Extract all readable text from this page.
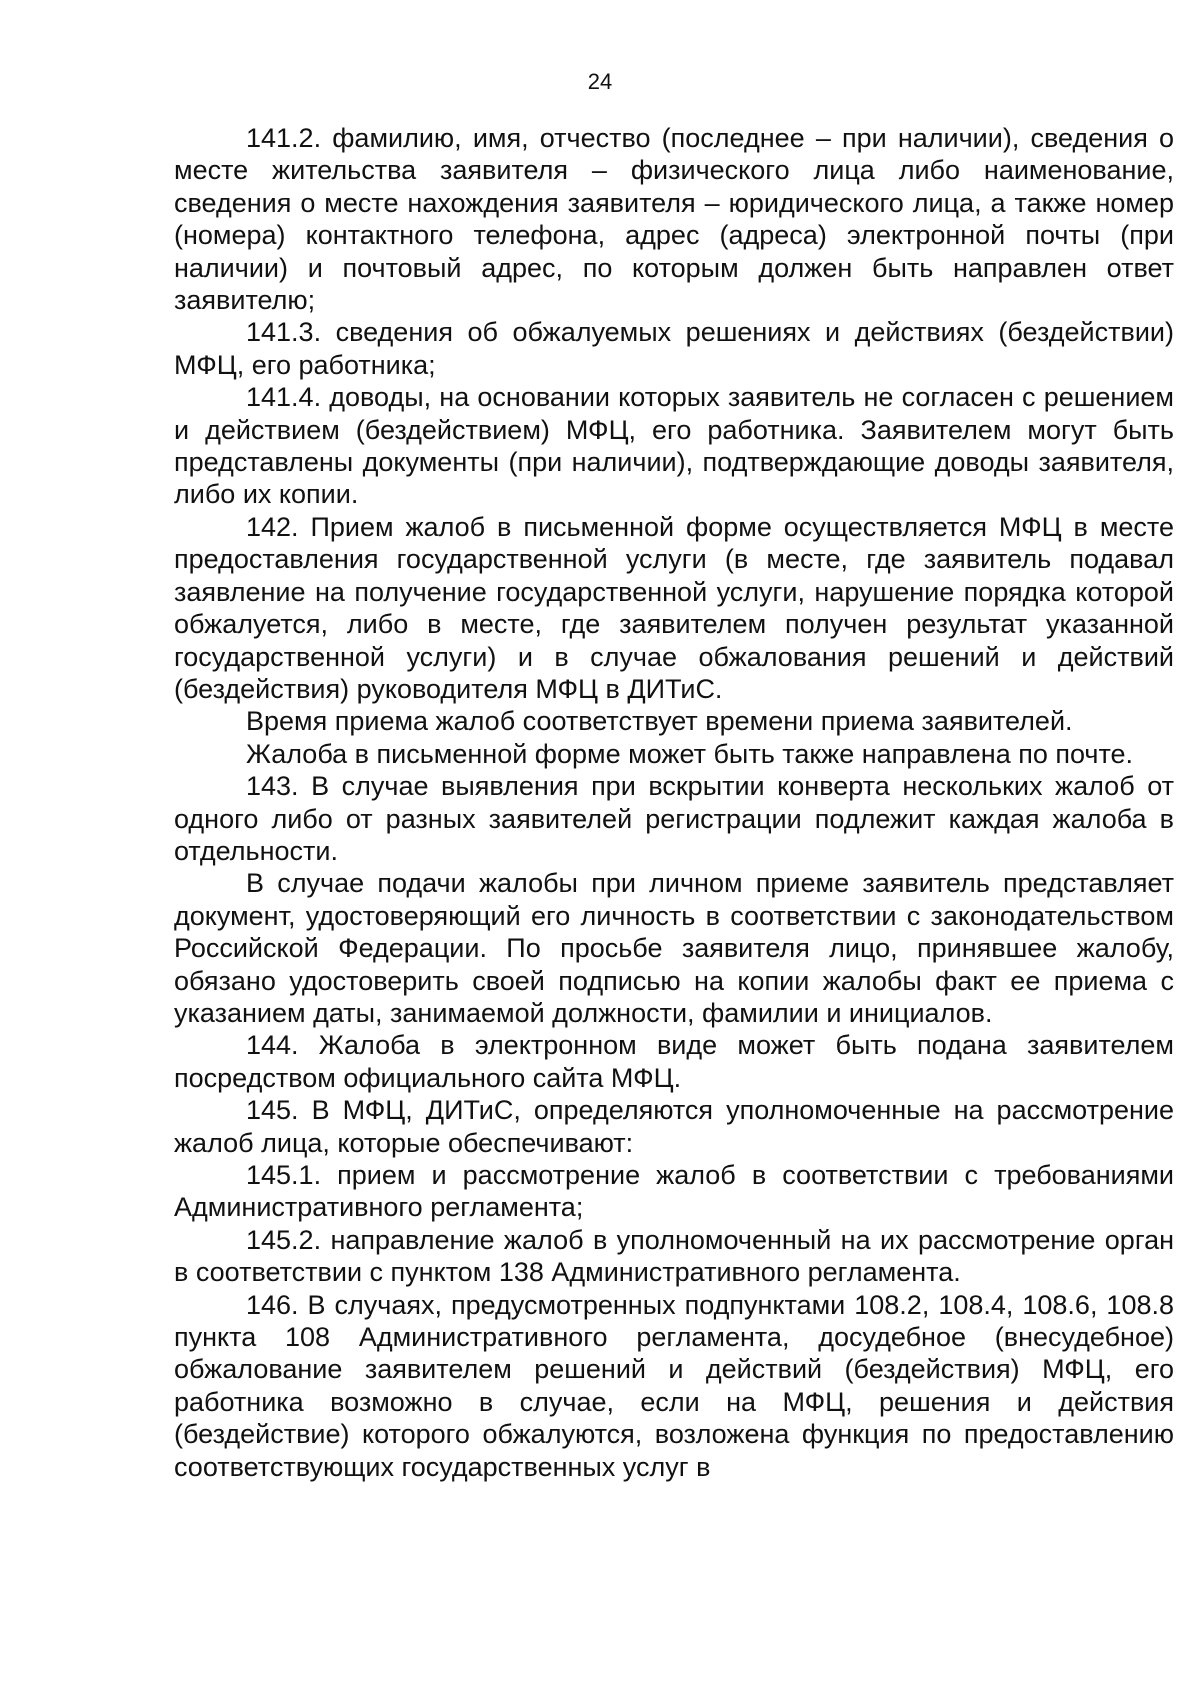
24

141.2. фамилию, имя, отчество (последнее – при наличии), сведения о месте жительства заявителя – физического лица либо наименование, сведения о месте нахождения заявителя – юридического лица, а также номер (номера) контактного телефона, адрес (адреса) электронной почты (при наличии) и почтовый адрес, по которым должен быть направлен ответ заявителю;

141.3. сведения об обжалуемых решениях и действиях (бездействии) МФЦ, его работника;

141.4. доводы, на основании которых заявитель не согласен с решением и действием (бездействием) МФЦ, его работника. Заявителем могут быть представлены документы (при наличии), подтверждающие доводы заявителя, либо их копии.

142. Прием жалоб в письменной форме осуществляется МФЦ в месте предоставления государственной услуги (в месте, где заявитель подавал заявление на получение государственной услуги, нарушение порядка которой обжалуется, либо в месте, где заявителем получен результат указанной государственной услуги) и в случае обжалования решений и действий (бездействия) руководителя МФЦ в ДИТиС.

Время приема жалоб соответствует времени приема заявителей.

Жалоба в письменной форме может быть также направлена по почте.

143. В случае выявления при вскрытии конверта нескольких жалоб от одного либо от разных заявителей регистрации подлежит каждая жалоба в отдельности.

В случае подачи жалобы при личном приеме заявитель представляет документ, удостоверяющий его личность в соответствии с законодательством Российской Федерации. По просьбе заявителя лицо, принявшее жалобу, обязано удостоверить своей подписью на копии жалобы факт ее приема с указанием даты, занимаемой должности, фамилии и инициалов.

144. Жалоба в электронном виде может быть подана заявителем посредством официального сайта МФЦ.

145. В МФЦ, ДИТиС, определяются уполномоченные на рассмотрение жалоб лица, которые обеспечивают:

145.1. прием и рассмотрение жалоб в соответствии с требованиями Административного регламента;

145.2. направление жалоб в уполномоченный на их рассмотрение орган в соответствии с пунктом 138 Административного регламента.

146. В случаях, предусмотренных подпунктами 108.2, 108.4, 108.6, 108.8 пункта 108 Административного регламента, досудебное (внесудебное) обжалование заявителем решений и действий (бездействия) МФЦ, его работника возможно в случае, если на МФЦ, решения и действия (бездействие) которого обжалуются, возложена функция по предоставлению соответствующих государственных услуг в
